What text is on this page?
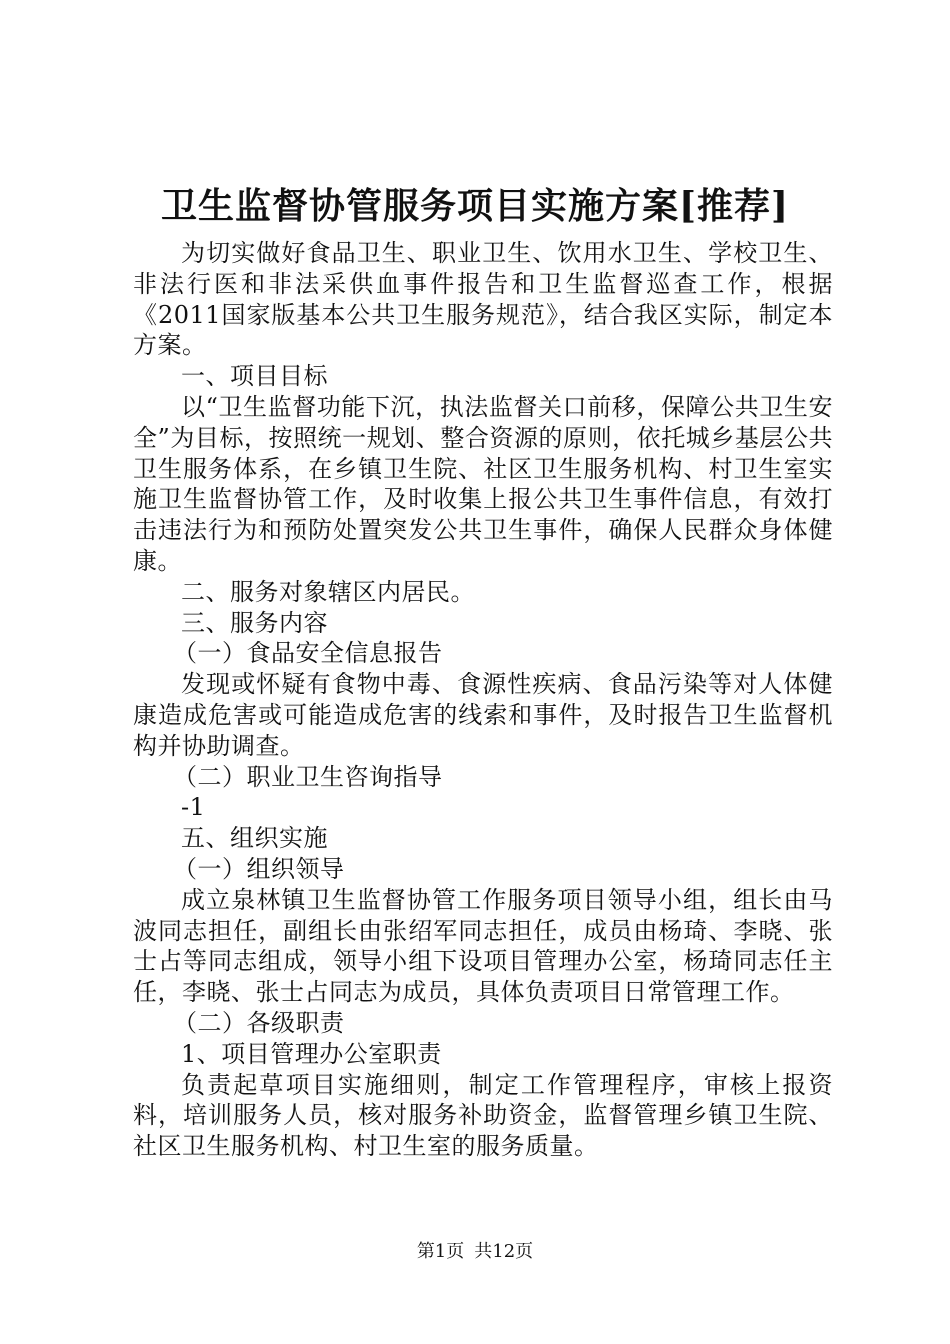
卫生监督协管服务项目实施方案[推荐]

为切实做好食品卫生、职业卫生、饮用水卫生、学校卫生、非法行医和非法采供血事件报告和卫生监督巡查工作，根据《2011国家版基本公共卫生服务规范》，结合我区实际，制定本方案。

一、项目目标

以“卫生监督功能下沉，执法监督关口前移，保障公共卫生安全”为目标，按照统一规划、整合资源的原则，依托城乡基层公共卫生服务体系，在乡镇卫生院、社区卫生服务机构、村卫生室实施卫生监督协管工作，及时收集上报公共卫生事件信息，有效打击违法行为和预防处置突发公共卫生事件，确保人民群众身体健康。

二、服务对象辖区内居民。

三、服务内容

（一）食品安全信息报告

发现或怀疑有食物中毒、食源性疾病、食品污染等对人体健康造成危害或可能造成危害的线索和事件，及时报告卫生监督机构并协助调查。

（二）职业卫生咨询指导

-1

五、组织实施

（一）组织领导

成立泉林镇卫生监督协管工作服务项目领导小组，组长由马波同志担任，副组长由张绍军同志担任，成员由杨琦、李晓、张士占等同志组成，领导小组下设项目管理办公室，杨琦同志任主任，李晓、张士占同志为成员，具体负责项目日常管理工作。

（二）各级职责

1、项目管理办公室职责

负责起草项目实施细则，制定工作管理程序，审核上报资料，培训服务人员，核对服务补助资金，监督管理乡镇卫生院、社区卫生服务机构、村卫生室的服务质量。

第1页 共12页
